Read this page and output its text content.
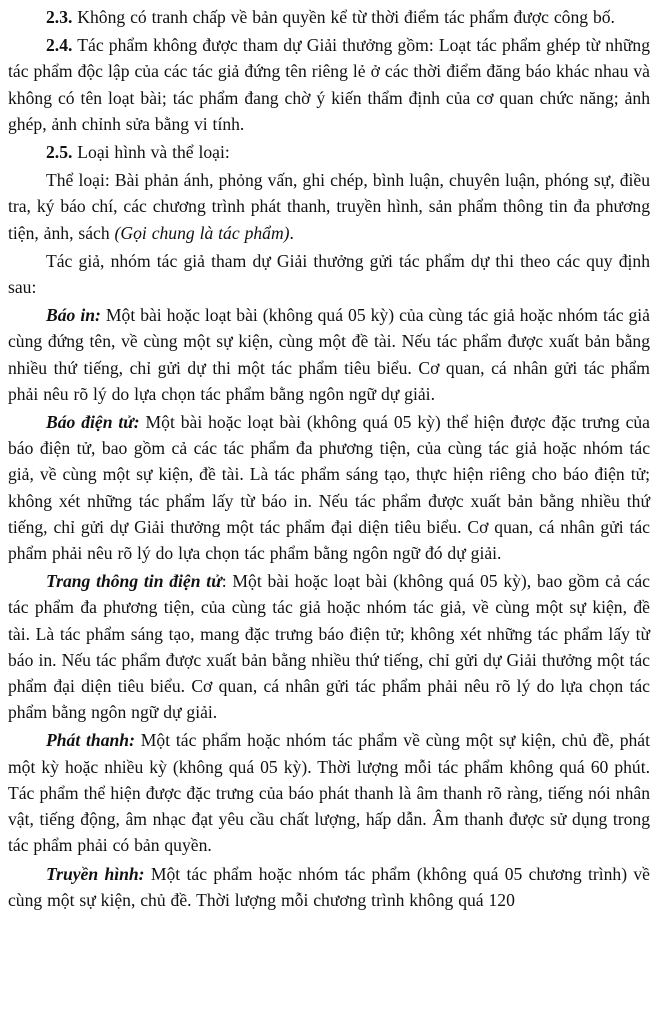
2.3. Không có tranh chấp về bản quyền kể từ thời điểm tác phẩm được công bố.

2.4. Tác phẩm không được tham dự Giải thưởng gồm: Loạt tác phẩm ghép từ những tác phẩm độc lập của các tác giả đứng tên riêng lẻ ở các thời điểm đăng báo khác nhau và không có tên loạt bài; tác phẩm đang chờ ý kiến thẩm định của cơ quan chức năng; ảnh ghép, ảnh chỉnh sửa bằng vi tính.

2.5. Loại hình và thể loại:

Thể loại: Bài phản ánh, phỏng vấn, ghi chép, bình luận, chuyên luận, phóng sự, điều tra, ký báo chí, các chương trình phát thanh, truyền hình, sản phẩm thông tin đa phương tiện, ảnh, sách (Gọi chung là tác phẩm).

Tác giả, nhóm tác giả tham dự Giải thưởng gửi tác phẩm dự thi theo các quy định sau:

Báo in: Một bài hoặc loạt bài (không quá 05 kỳ) của cùng tác giả hoặc nhóm tác giả cùng đứng tên, về cùng một sự kiện, cùng một đề tài. Nếu tác phẩm được xuất bản bằng nhiều thứ tiếng, chỉ gửi dự thi một tác phẩm tiêu biểu. Cơ quan, cá nhân gửi tác phẩm phải nêu rõ lý do lựa chọn tác phẩm bằng ngôn ngữ dự giải.

Báo điện tử: Một bài hoặc loạt bài (không quá 05 kỳ) thể hiện được đặc trưng của báo điện tử, bao gồm cả các tác phẩm đa phương tiện, của cùng tác giả hoặc nhóm tác giả, về cùng một sự kiện, đề tài. Là tác phẩm sáng tạo, thực hiện riêng cho báo điện tử; không xét những tác phẩm lấy từ báo in. Nếu tác phẩm được xuất bản bằng nhiều thứ tiếng, chỉ gửi dự Giải thưởng một tác phẩm đại diện tiêu biểu. Cơ quan, cá nhân gửi tác phẩm phải nêu rõ lý do lựa chọn tác phẩm bằng ngôn ngữ đó dự giải.

Trang thông tin điện tử: Một bài hoặc loạt bài (không quá 05 kỳ), bao gồm cả các tác phẩm đa phương tiện, của cùng tác giả hoặc nhóm tác giả, về cùng một sự kiện, đề tài. Là tác phẩm sáng tạo, mang đặc trưng báo điện tử; không xét những tác phẩm lấy từ báo in. Nếu tác phẩm được xuất bản bằng nhiều thứ tiếng, chỉ gửi dự Giải thưởng một tác phẩm đại diện tiêu biểu. Cơ quan, cá nhân gửi tác phẩm phải nêu rõ lý do lựa chọn tác phẩm bằng ngôn ngữ dự giải.

Phát thanh: Một tác phẩm hoặc nhóm tác phẩm về cùng một sự kiện, chủ đề, phát một kỳ hoặc nhiều kỳ (không quá 05 kỳ). Thời lượng mỗi tác phẩm không quá 60 phút. Tác phẩm thể hiện được đặc trưng của báo phát thanh là âm thanh rõ ràng, tiếng nói nhân vật, tiếng động, âm nhạc đạt yêu cầu chất lượng, hấp dẫn. Âm thanh được sử dụng trong tác phẩm phải có bản quyền.

Truyền hình: Một tác phẩm hoặc nhóm tác phẩm (không quá 05 chương trình) về cùng một sự kiện, chủ đề. Thời lượng mỗi chương trình không quá 120
